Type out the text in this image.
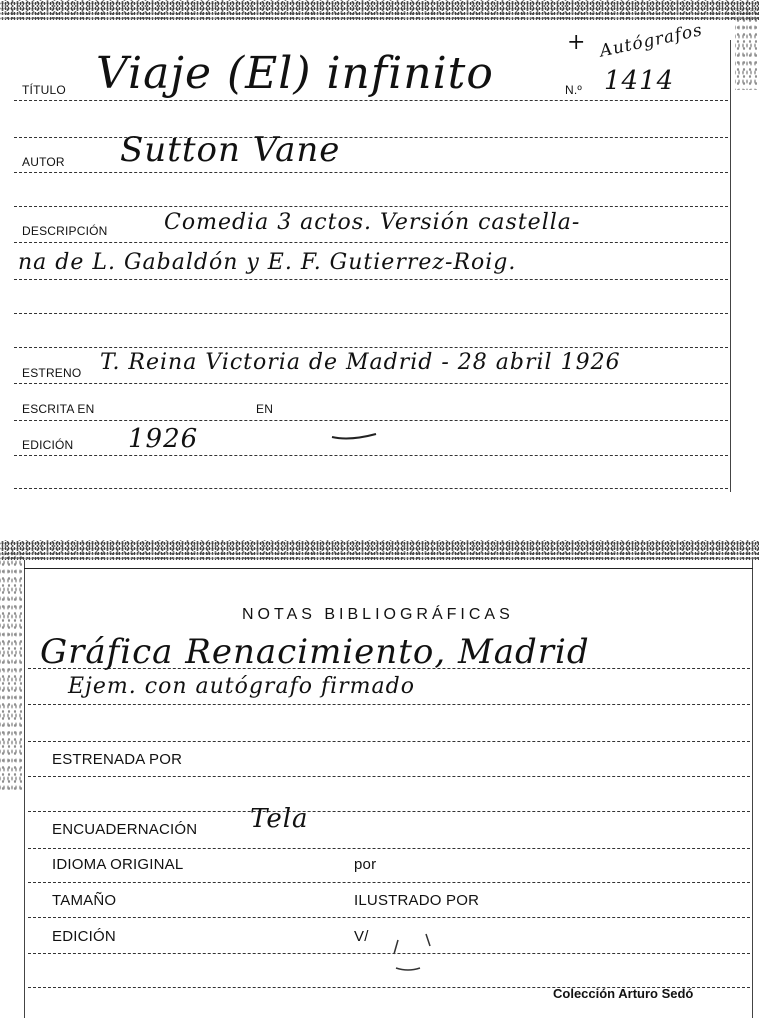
TÍTULO Viaje (El) infinito	N.º 1414
+ Autógrafos
AUTOR Sutton Vane
DESCRIPCIÓN	Comedia 3 actos. Versión castella-
na de L. Gabaldón y E. F. Gutierrez-Roig.
ESTRENO T. Reina Victoria de Madrid - 28 abril 1926
ESCRITA EN	EN
EDICIÓN 1926
NOTAS BIBLIOGRÁFICAS
Gráfica Renacimiento, Madrid
Ejem. con autógrafo firmado
ESTRENADA POR
ENCUADERNACIÓN Tela
IDIOMA ORIGINAL	por
TAMAÑO	ILUSTRADO POR
EDICIÓN	V/
Colección Arturo Sedó
